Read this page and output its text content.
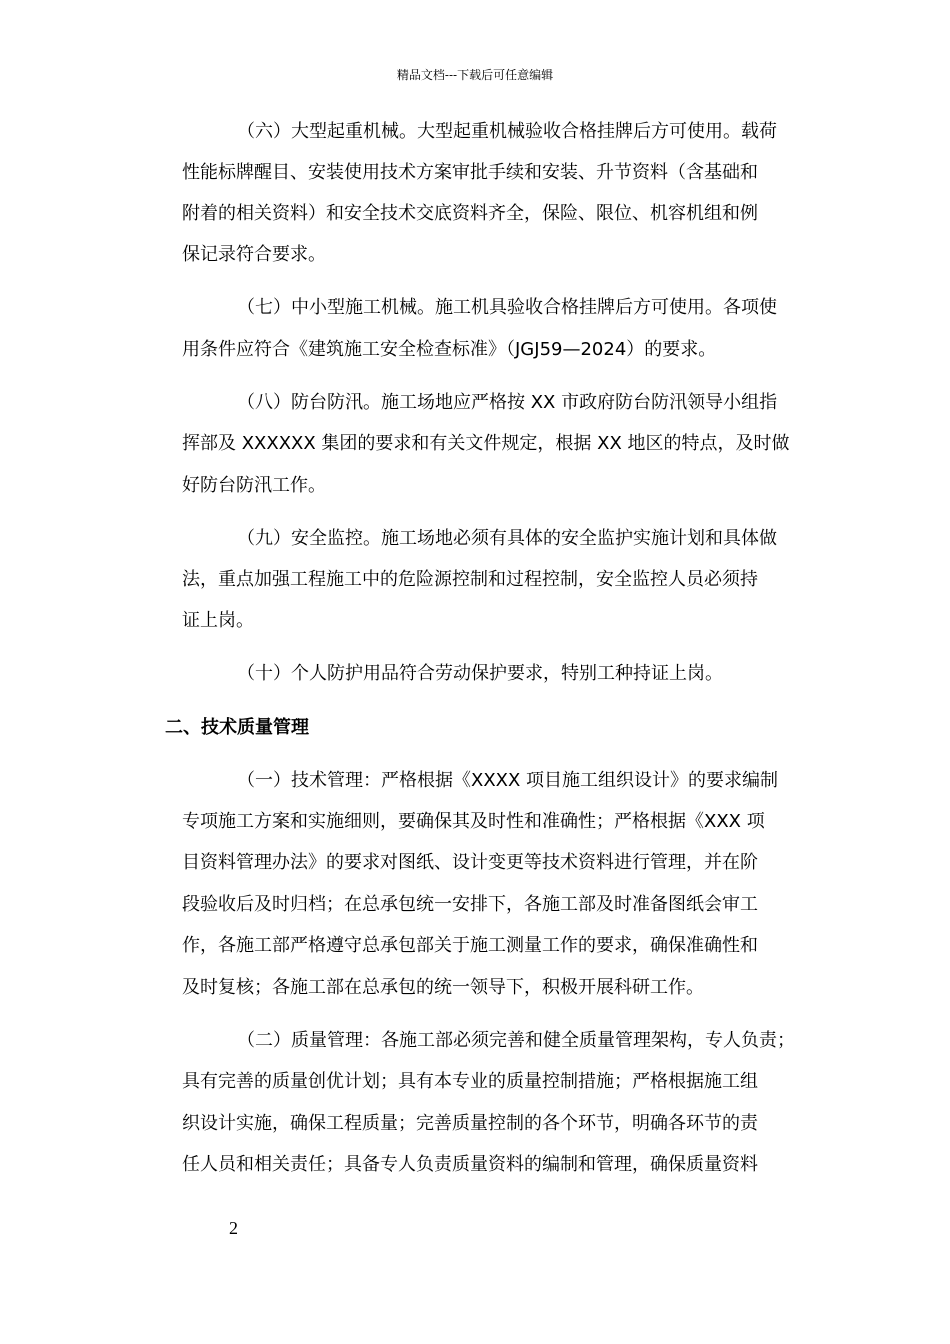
精品文档---下载后可任意编辑
（六）大型起重机械。大型起重机械验收合格挂牌后方可使用。载荷
性能标牌醒目、安装使用技术方案审批手续和安装、升节资料（含基础和
附着的相关资料）和安全技术交底资料齐全，保险、限位、机容机组和例
保记录符合要求。
（七）中小型施工机械。施工机具验收合格挂牌后方可使用。各项使
用条件应符合《建筑施工安全检查标准》（JGJ59—2024）的要求。
（八）防台防汛。施工场地应严格按 XX 市政府防台防汛领导小组指
挥部及 XXXXXX 集团的要求和有关文件规定，根据 XX 地区的特点，及时做
好防台防汛工作。
（九）安全监控。施工场地必须有具体的安全监护实施计划和具体做
法，重点加强工程施工中的危险源控制和过程控制，安全监控人员必须持
证上岗。
（十）个人防护用品符合劳动保护要求，特别工种持证上岗。
二、技术质量管理
（一）技术管理：严格根据《XXXX 项目施工组织设计》的要求编制
专项施工方案和实施细则，要确保其及时性和准确性；严格根据《XXX 项
目资料管理办法》的要求对图纸、设计变更等技术资料进行管理，并在阶
段验收后及时归档；在总承包统一安排下，各施工部及时准备图纸会审工
作，各施工部严格遵守总承包部关于施工测量工作的要求，确保准确性和
及时复核；各施工部在总承包的统一领导下，积极开展科研工作。
（二）质量管理：各施工部必须完善和健全质量管理架构，专人负责；
具有完善的质量创优计划；具有本专业的质量控制措施；严格根据施工组
织设计实施，确保工程质量；完善质量控制的各个环节，明确各环节的责
任人员和相关责任；具备专人负责质量资料的编制和管理，确保质量资料
2
